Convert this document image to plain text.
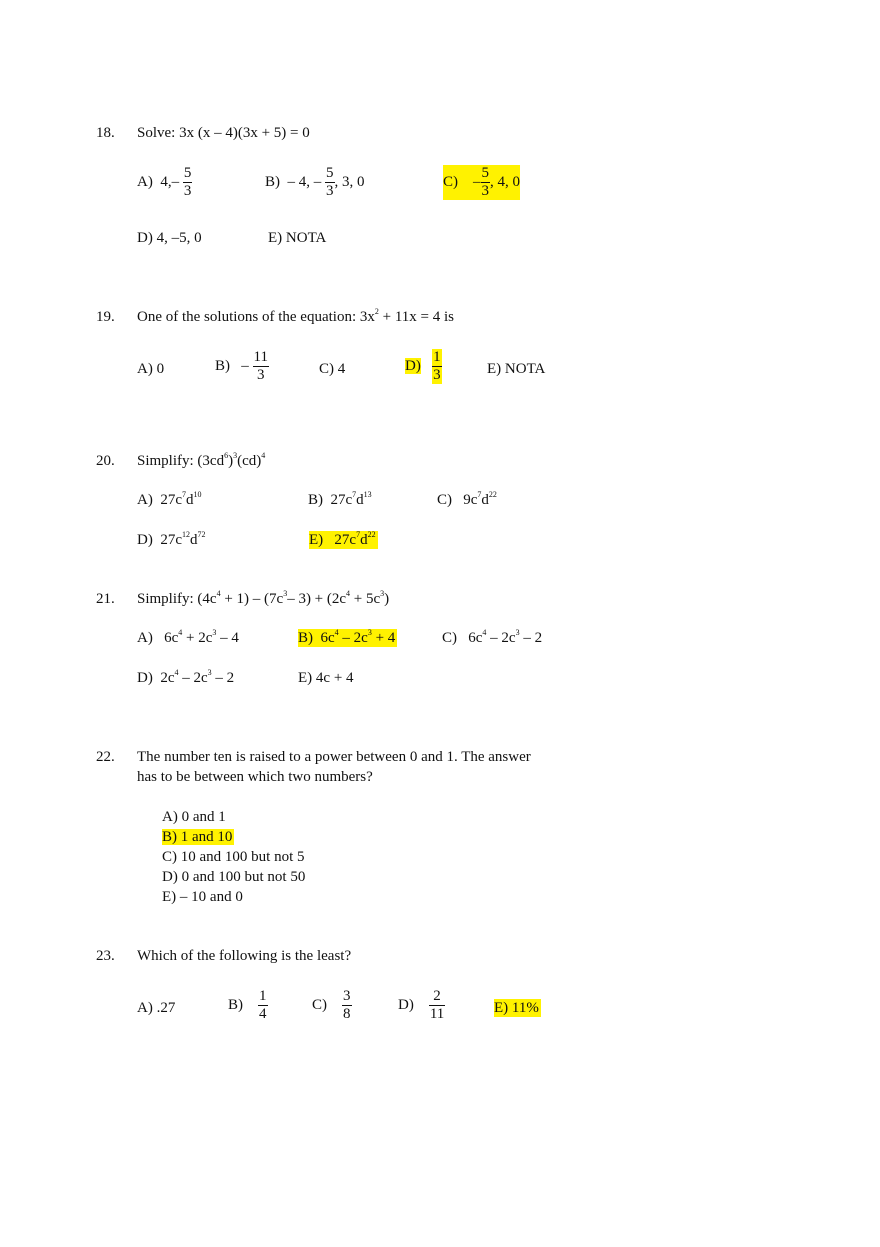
18. Solve: 3x (x – 4)(3x + 5) = 0
A) $4,- \frac{5}{3}$	B) – 4, – $\frac{5}{3}$ , 3, 0	$C) - \frac{5}{3}$ , 4, 0
D) 4, –5, 0	E) NOTA
19. One of the solutions of the equation: $3x^2 + 11x = 4$ is
A) 0	$B) - \frac{11}{3}$	C) 4	$D) \frac{1}{3}$	E) NOTA
20. Simplify: $(3cd^6)^3(cd)^4$
A) $27c^7d^{10}$	B) $27c^7d^{13}$	C) $9c^7d^{22}$
D) $27c^{12}d^{72}$	E) $27c^7d^{22}$
21. Simplify: $(4c^4 + 1) - (7c^3-$ $3) + (2c^4 + 5c^3)$
A) $6c^4 + 2c^3 - 4$	B) $6c^4 - 2c^3 + 4$	C) $6c^4 - 2c^3 - 2$
D) $2c^4 - 2c^3 - 2$	E) 4c + 4
22. The number ten is raised to a power between 0 and 1. The answer
has to be between which two numbers?
A) 0 and 1
B) 1 and 10
C) 10 and 100 but not 5
D) 0 and 100 but not 50
E) – 10 and 0
23. Which of the following is the least?
A) .27	$B) \frac{1}{4}$	$C) \frac{3}{8}$	$D) \frac{2}{11}$	E) 11%
